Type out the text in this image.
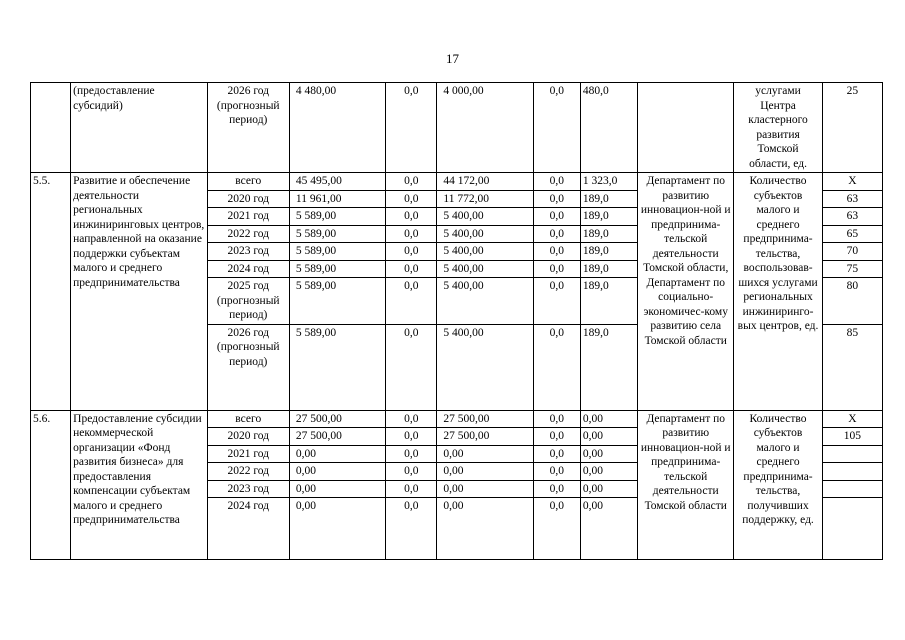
17
	(предоставление субсидий)	2026 год (прогнозный период)	4 480,00	0,0	4 000,00	0,0	480,0		услугами Центра кластерного развития Томской области, ед.	25
5.5.	Развитие и обеспечение деятельности региональных инжиниринговых центров, направленной на оказание поддержки субъектам малого и среднего предпринимательства	всего	45 495,00	0,0	44 172,00	0,0	1 323,0	Департамент по развитию инновацион-ной и предпринима-тельской деятельности Томской области, Департамент по социально-экономичес-кому развитию села Томской области	Количество субъектов малого и среднего предпринима-тельства, воспользовав-шихся услугами региональных инжиниринго-вых центров, ед.	Х
		2020 год	11 961,00	0,0	11 772,00	0,0	189,0			63
		2021 год	5 589,00	0,0	5 400,00	0,0	189,0			63
		2022 год	5 589,00	0,0	5 400,00	0,0	189,0			65
		2023 год	5 589,00	0,0	5 400,00	0,0	189,0			70
		2024 год	5 589,00	0,0	5 400,00	0,0	189,0			75
		2025 год (прогнозный период)	5 589,00	0,0	5 400,00	0,0	189,0			80
		2026 год (прогнозный период)	5 589,00	0,0	5 400,00	0,0	189,0			85
5.6.	Предоставление субсидии некоммерческой организации «Фонд развития бизнеса» для предоставления компенсации субъектам малого и среднего предпринимательства	всего	27 500,00	0,0	27 500,00	0,0	0,00	Департамент по развитию инновацион-ной и предпринима-тельской деятельности Томской области	Количество субъектов малого и среднего предпринима-тельства, получивших поддержку, ед.	Х
		2020 год	27 500,00	0,0	27 500,00	0,0	0,00			105
		2021 год	0,00	0,0	0,00	0,0	0,00			
		2022 год	0,00	0,0	0,00	0,0	0,00			
		2023 год	0,00	0,0	0,00	0,0	0,00			
		2024 год	0,00	0,0	0,00	0,0	0,00			
